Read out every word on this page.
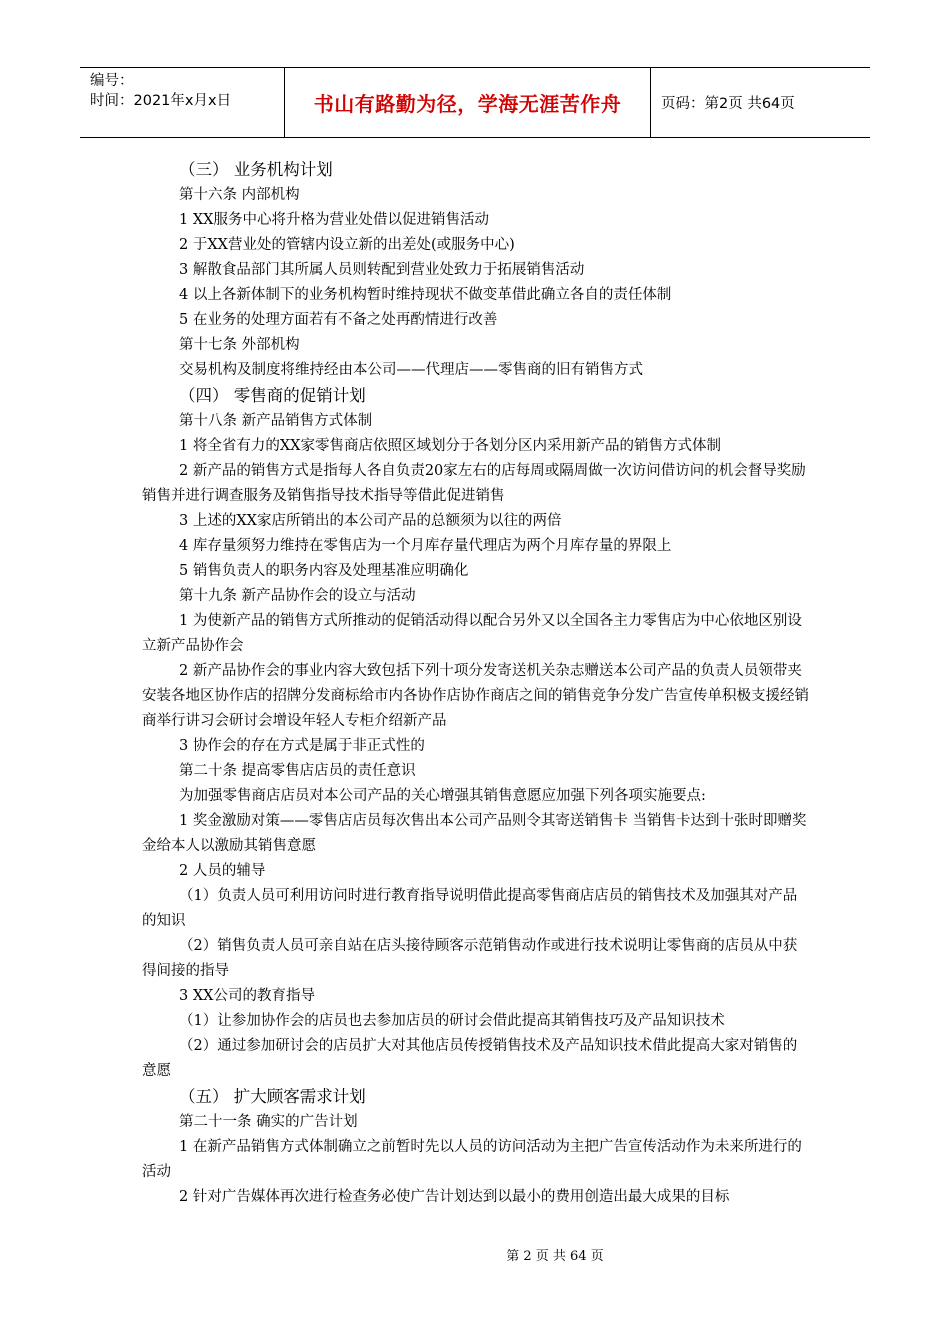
编号：
时间：2021年x月x日	书山有路勤为径，学海无涯苦作舟	页码：第2页 共64页

（三） 业务机构计划

第十六条 内部机构

1 XX服务中心将升格为营业处借以促进销售活动

2 于XX营业处的管辖内设立新的出差处(或服务中心)

3 解散食品部门其所属人员则转配到营业处致力于拓展销售活动

4 以上各新体制下的业务机构暂时维持现状不做变革借此确立各自的责任体制

5 在业务的处理方面若有不备之处再酌情进行改善

第十七条 外部机构

交易机构及制度将维持经由本公司——代理店——零售商的旧有销售方式

（四） 零售商的促销计划

第十八条 新产品销售方式体制

1 将全省有力的XX家零售商店依照区域划分于各划分区内采用新产品的销售方式体制

2 新产品的销售方式是指每人各自负责20家左右的店每周或隔周做一次访问借访问的机会督导奖励销售并进行调查服务及销售指导技术指导等借此促进销售

3 上述的XX家店所销出的本公司产品的总额须为以往的两倍

4 库存量须努力维持在零售店为一个月库存量代理店为两个月库存量的界限上

5 销售负责人的职务内容及处理基准应明确化

第十九条 新产品协作会的设立与活动

1 为使新产品的销售方式所推动的促销活动得以配合另外又以全国各主力零售店为中心依地区别设立新产品协作会

2 新产品协作会的事业内容大致包括下列十项分发寄送机关杂志赠送本公司产品的负责人员领带夹安装各地区协作店的招牌分发商标给市内各协作店协作商店之间的销售竞争分发广告宣传单积极支援经销商举行讲习会研讨会增设年轻人专柜介绍新产品

3 协作会的存在方式是属于非正式性的

第二十条 提高零售店店员的责任意识

为加强零售商店店员对本公司产品的关心增强其销售意愿应加强下列各项实施要点:

1 奖金激励对策——零售店店员每次售出本公司产品则令其寄送销售卡 当销售卡达到十张时即赠奖金给本人以激励其销售意愿

2 人员的辅导

（1）负责人员可利用访问时进行教育指导说明借此提高零售商店店员的销售技术及加强其对产品的知识

（2）销售负责人员可亲自站在店头接待顾客示范销售动作或进行技术说明让零售商的店员从中获得间接的指导

3 XX公司的教育指导

（1）让参加协作会的店员也去参加店员的研讨会借此提高其销售技巧及产品知识技术

（2）通过参加研讨会的店员扩大对其他店员传授销售技术及产品知识技术借此提高大家对销售的意愿

（五） 扩大顾客需求计划

第二十一条 确实的广告计划

1 在新产品销售方式体制确立之前暂时先以人员的访问活动为主把广告宣传活动作为未来所进行的活动

2 针对广告媒体再次进行检查务必使广告计划达到以最小的费用创造出最大成果的目标

第 2 页 共 64 页
